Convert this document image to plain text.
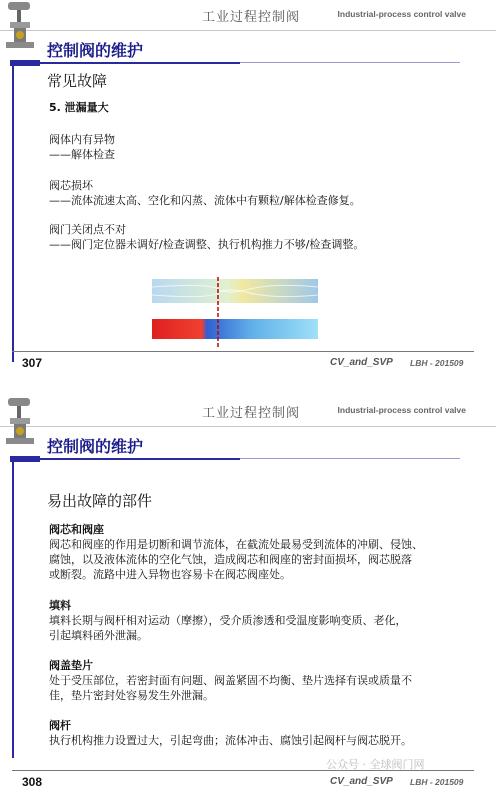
工业过程控制阀	Industrial-process control valve
控制阀的维护
常见故障
5. 泄漏量大
阀体内有异物
——解体检查
阀芯损坏
——流体流速太高、空化和闪蒸、流体中有颗粒/解体检查修复。
阀门关闭点不对
——阀门定位器未调好/检查调整、执行机构推力不够/检查调整。
307	CV_and_SVP LBH - 201509
工业过程控制阀	Industrial-process control valve
控制阀的维护
易出故障的部件
阀芯和阀座
阀芯和阀座的作用是切断和调节流体，在截流处最易受到流体的冲刷、侵蚀、
腐蚀，以及液体流体的空化气蚀，造成阀芯和阀座的密封面损坏，阀芯脱落
或断裂。流路中进入异物也容易卡在阀芯阀座处。
填料
填料长期与阀杆相对运动（摩擦），受介质渗透和受温度影响变质、老化，
引起填料函外泄漏。
阀盖垫片
处于受压部位，若密封面有问题、阀盖紧固不均衡、垫片选择有误或质量不
佳，垫片密封处容易发生外泄漏。
阀杆
执行机构推力设置过大，引起弯曲；流体冲击、腐蚀引起阀杆与阀芯脱开。
308	CV_and_SVP LBH - 201509
公众号 · 全球阀门网
